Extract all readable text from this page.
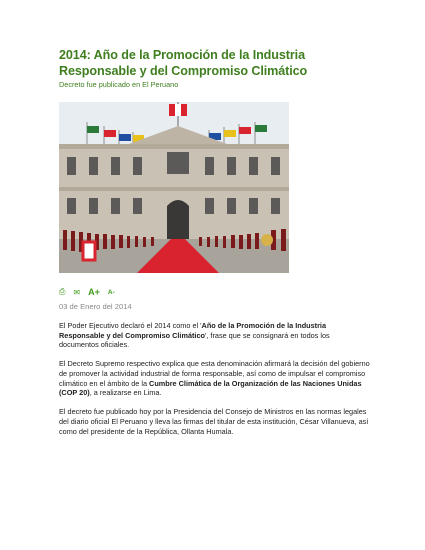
2014: Año de la Promoción de la Industria
Responsable y del Compromiso Climático
Decreto fue publicado en El Peruano
⎙ ✉ A+ A-
03 de Enero del 2014

El Poder Ejecutivo declaró el 2014 como el 'Año de la Promoción de la Industria Responsable y del Compromiso Climático', frase que se consignará en todos los documentos oficiales.

El Decreto Supremo respectivo explica que esta denominación afirmará la decisión del gobierno de promover la actividad industrial de forma responsable, así como de impulsar el compromiso climático en el ámbito de la Cumbre Climática de la Organización de las Naciones Unidas (COP 20), a realizarse en Lima.

El decreto fue publicado hoy por la Presidencia del Consejo de Ministros en las normas legales del diario oficial El Peruano y lleva las firmas del titular de esta institución, César Villanueva, así como del presidente de la República, Ollanta Humala.
